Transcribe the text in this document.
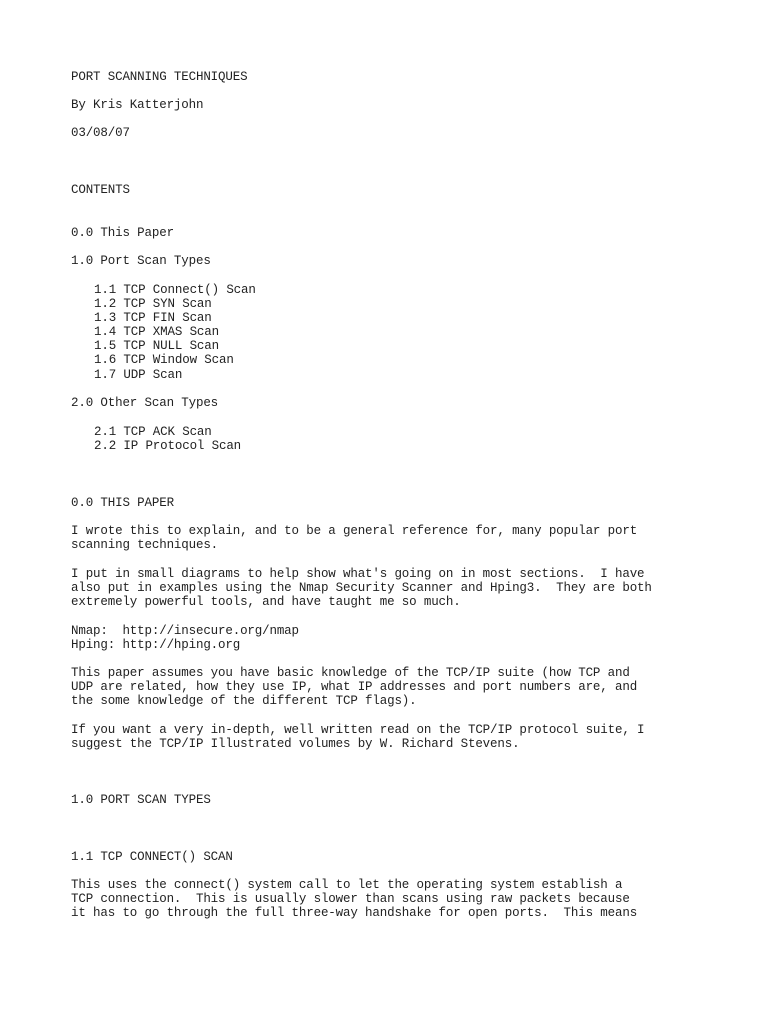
PORT SCANNING TECHNIQUES
By Kris Katterjohn
03/08/07
CONTENTS
0.0 This Paper
1.0 Port Scan Types
1.1 TCP Connect() Scan
1.2 TCP SYN Scan
1.3 TCP FIN Scan
1.4 TCP XMAS Scan
1.5 TCP NULL Scan
1.6 TCP Window Scan
1.7 UDP Scan
2.0 Other Scan Types
2.1 TCP ACK Scan
2.2 IP Protocol Scan
0.0 THIS PAPER
I wrote this to explain, and to be a general reference for, many popular port
scanning techniques.
I put in small diagrams to help show what's going on in most sections.  I have
also put in examples using the Nmap Security Scanner and Hping3.  They are both
extremely powerful tools, and have taught me so much.
Nmap:  http://insecure.org/nmap
Hping: http://hping.org
This paper assumes you have basic knowledge of the TCP/IP suite (how TCP and
UDP are related, how they use IP, what IP addresses and port numbers are, and
the some knowledge of the different TCP flags).
If you want a very in-depth, well written read on the TCP/IP protocol suite, I
suggest the TCP/IP Illustrated volumes by W. Richard Stevens.
1.0 PORT SCAN TYPES
1.1 TCP CONNECT() SCAN
This uses the connect() system call to let the operating system establish a
TCP connection.  This is usually slower than scans using raw packets because
it has to go through the full three-way handshake for open ports.  This means
